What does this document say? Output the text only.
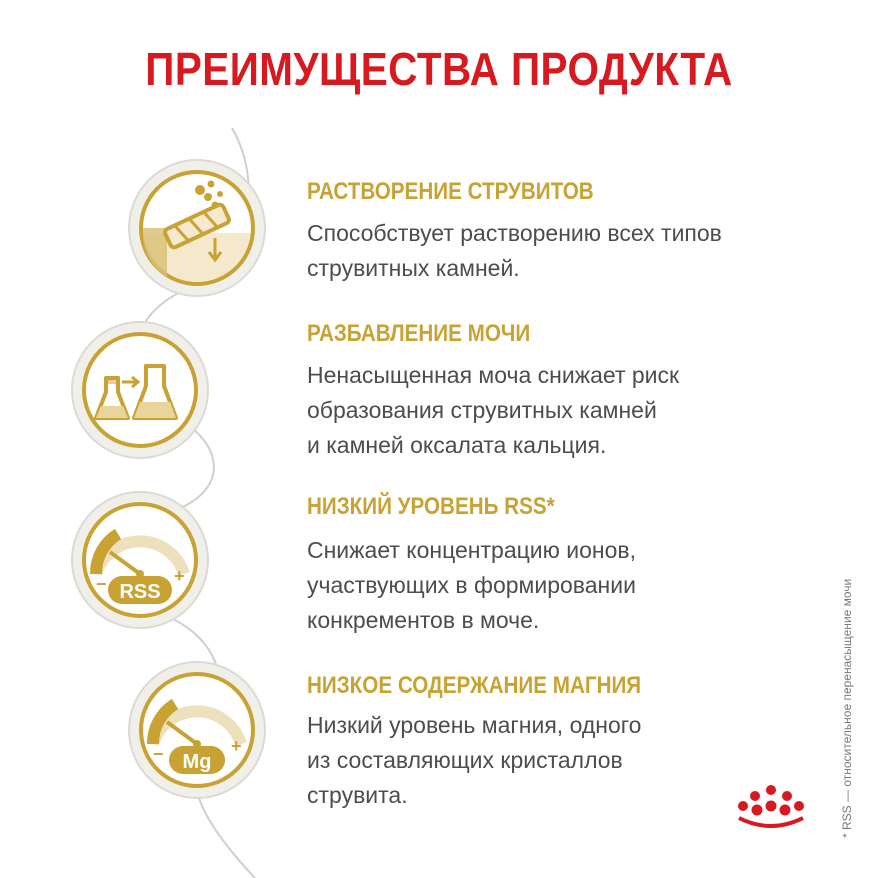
ПРЕИМУЩЕСТВА ПРОДУКТА
RSS
−	+
Mg
−	+
РАСТВОРЕНИЕ СТРУВИТОВ
Способствует растворению всех типов
струвитных камней.
РАЗБАВЛЕНИЕ МОЧИ
Ненасыщенная моча снижает риск
образования струвитных камней
и камней оксалата кальция.
НИЗКИЙ УРОВЕНЬ RSS*
Снижает концентрацию ионов,
участвующих в формировании
конкрементов в моче.
НИЗКОЕ СОДЕРЖАНИЕ МАГНИЯ
Низкий уровень магния, одного
из составляющих кристаллов
струвита.	* RSS — относительное перенасыщение мочи
